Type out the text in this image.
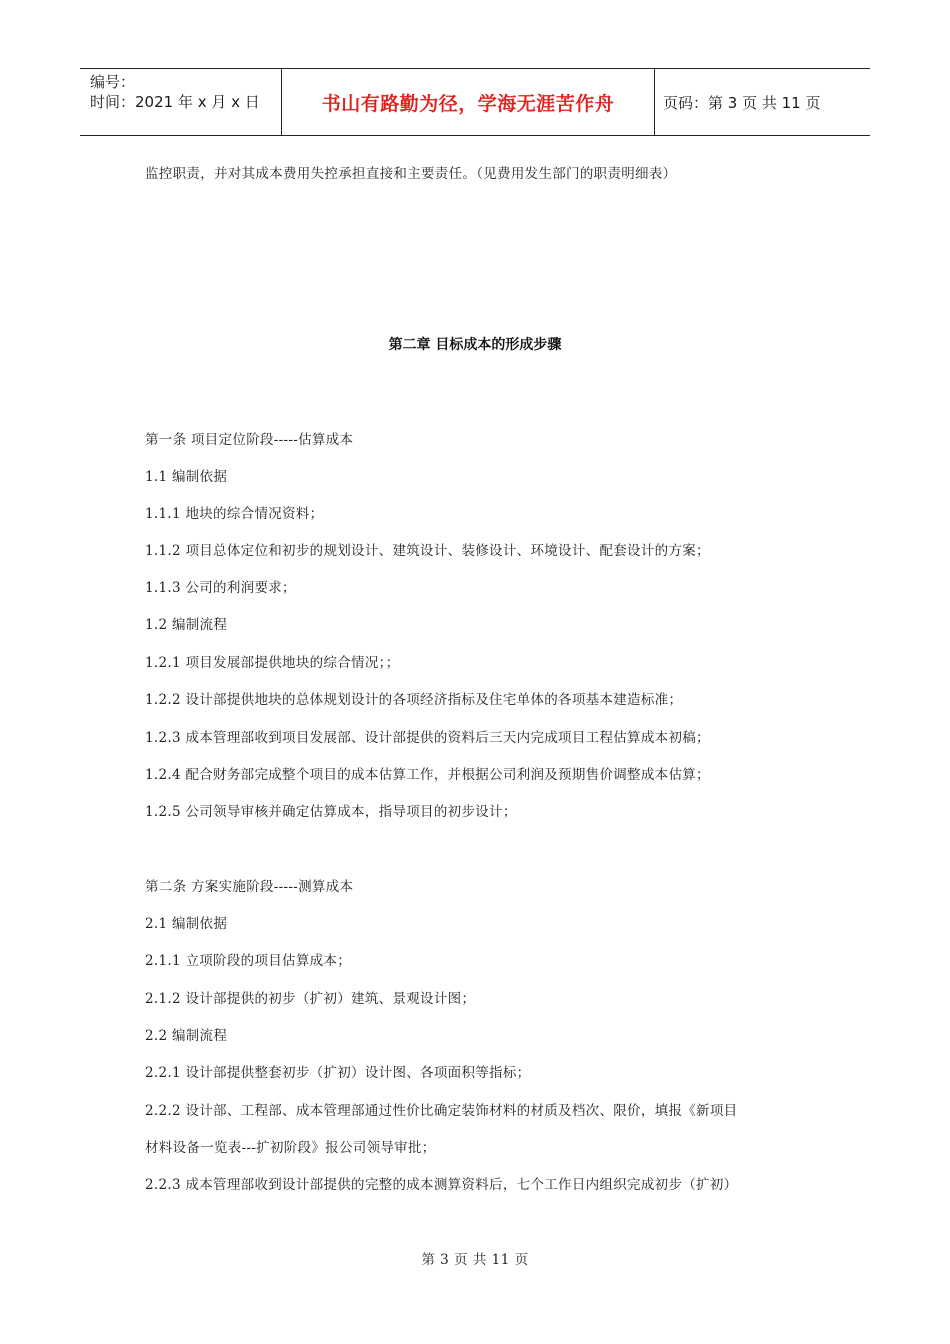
编号：
时间：2021 年 x 月 x 日	书山有路勤为径，学海无涯苦作舟	页码：第 3 页 共 11 页
监控职责，并对其成本费用失控承担直接和主要责任。（见费用发生部门的职责明细表）
第二章 目标成本的形成步骤
第一条 项目定位阶段-----估算成本
1.1 编制依据
1.1.1 地块的综合情况资料；
1.1.2 项目总体定位和初步的规划设计、建筑设计、装修设计、环境设计、配套设计的方案；
1.1.3 公司的利润要求；
1.2 编制流程
1.2.1 项目发展部提供地块的综合情况；；
1.2.2 设计部提供地块的总体规划设计的各项经济指标及住宅单体的各项基本建造标准；
1.2.3 成本管理部收到项目发展部、设计部提供的资料后三天内完成项目工程估算成本初稿；
1.2.4 配合财务部完成整个项目的成本估算工作，并根据公司利润及预期售价调整成本估算；
1.2.5 公司领导审核并确定估算成本，指导项目的初步设计；
第二条 方案实施阶段-----测算成本
2.1 编制依据
2.1.1 立项阶段的项目估算成本；
2.1.2 设计部提供的初步（扩初）建筑、景观设计图；
2.2 编制流程
2.2.1 设计部提供整套初步（扩初）设计图、各项面积等指标；
2.2.2 设计部、工程部、成本管理部通过性价比确定装饰材料的材质及档次、限价，填报《新项目
材料设备一览表---扩初阶段》报公司领导审批；
2.2.3 成本管理部收到设计部提供的完整的成本测算资料后，七个工作日内组织完成初步（扩初）
第 3 页 共 11 页
